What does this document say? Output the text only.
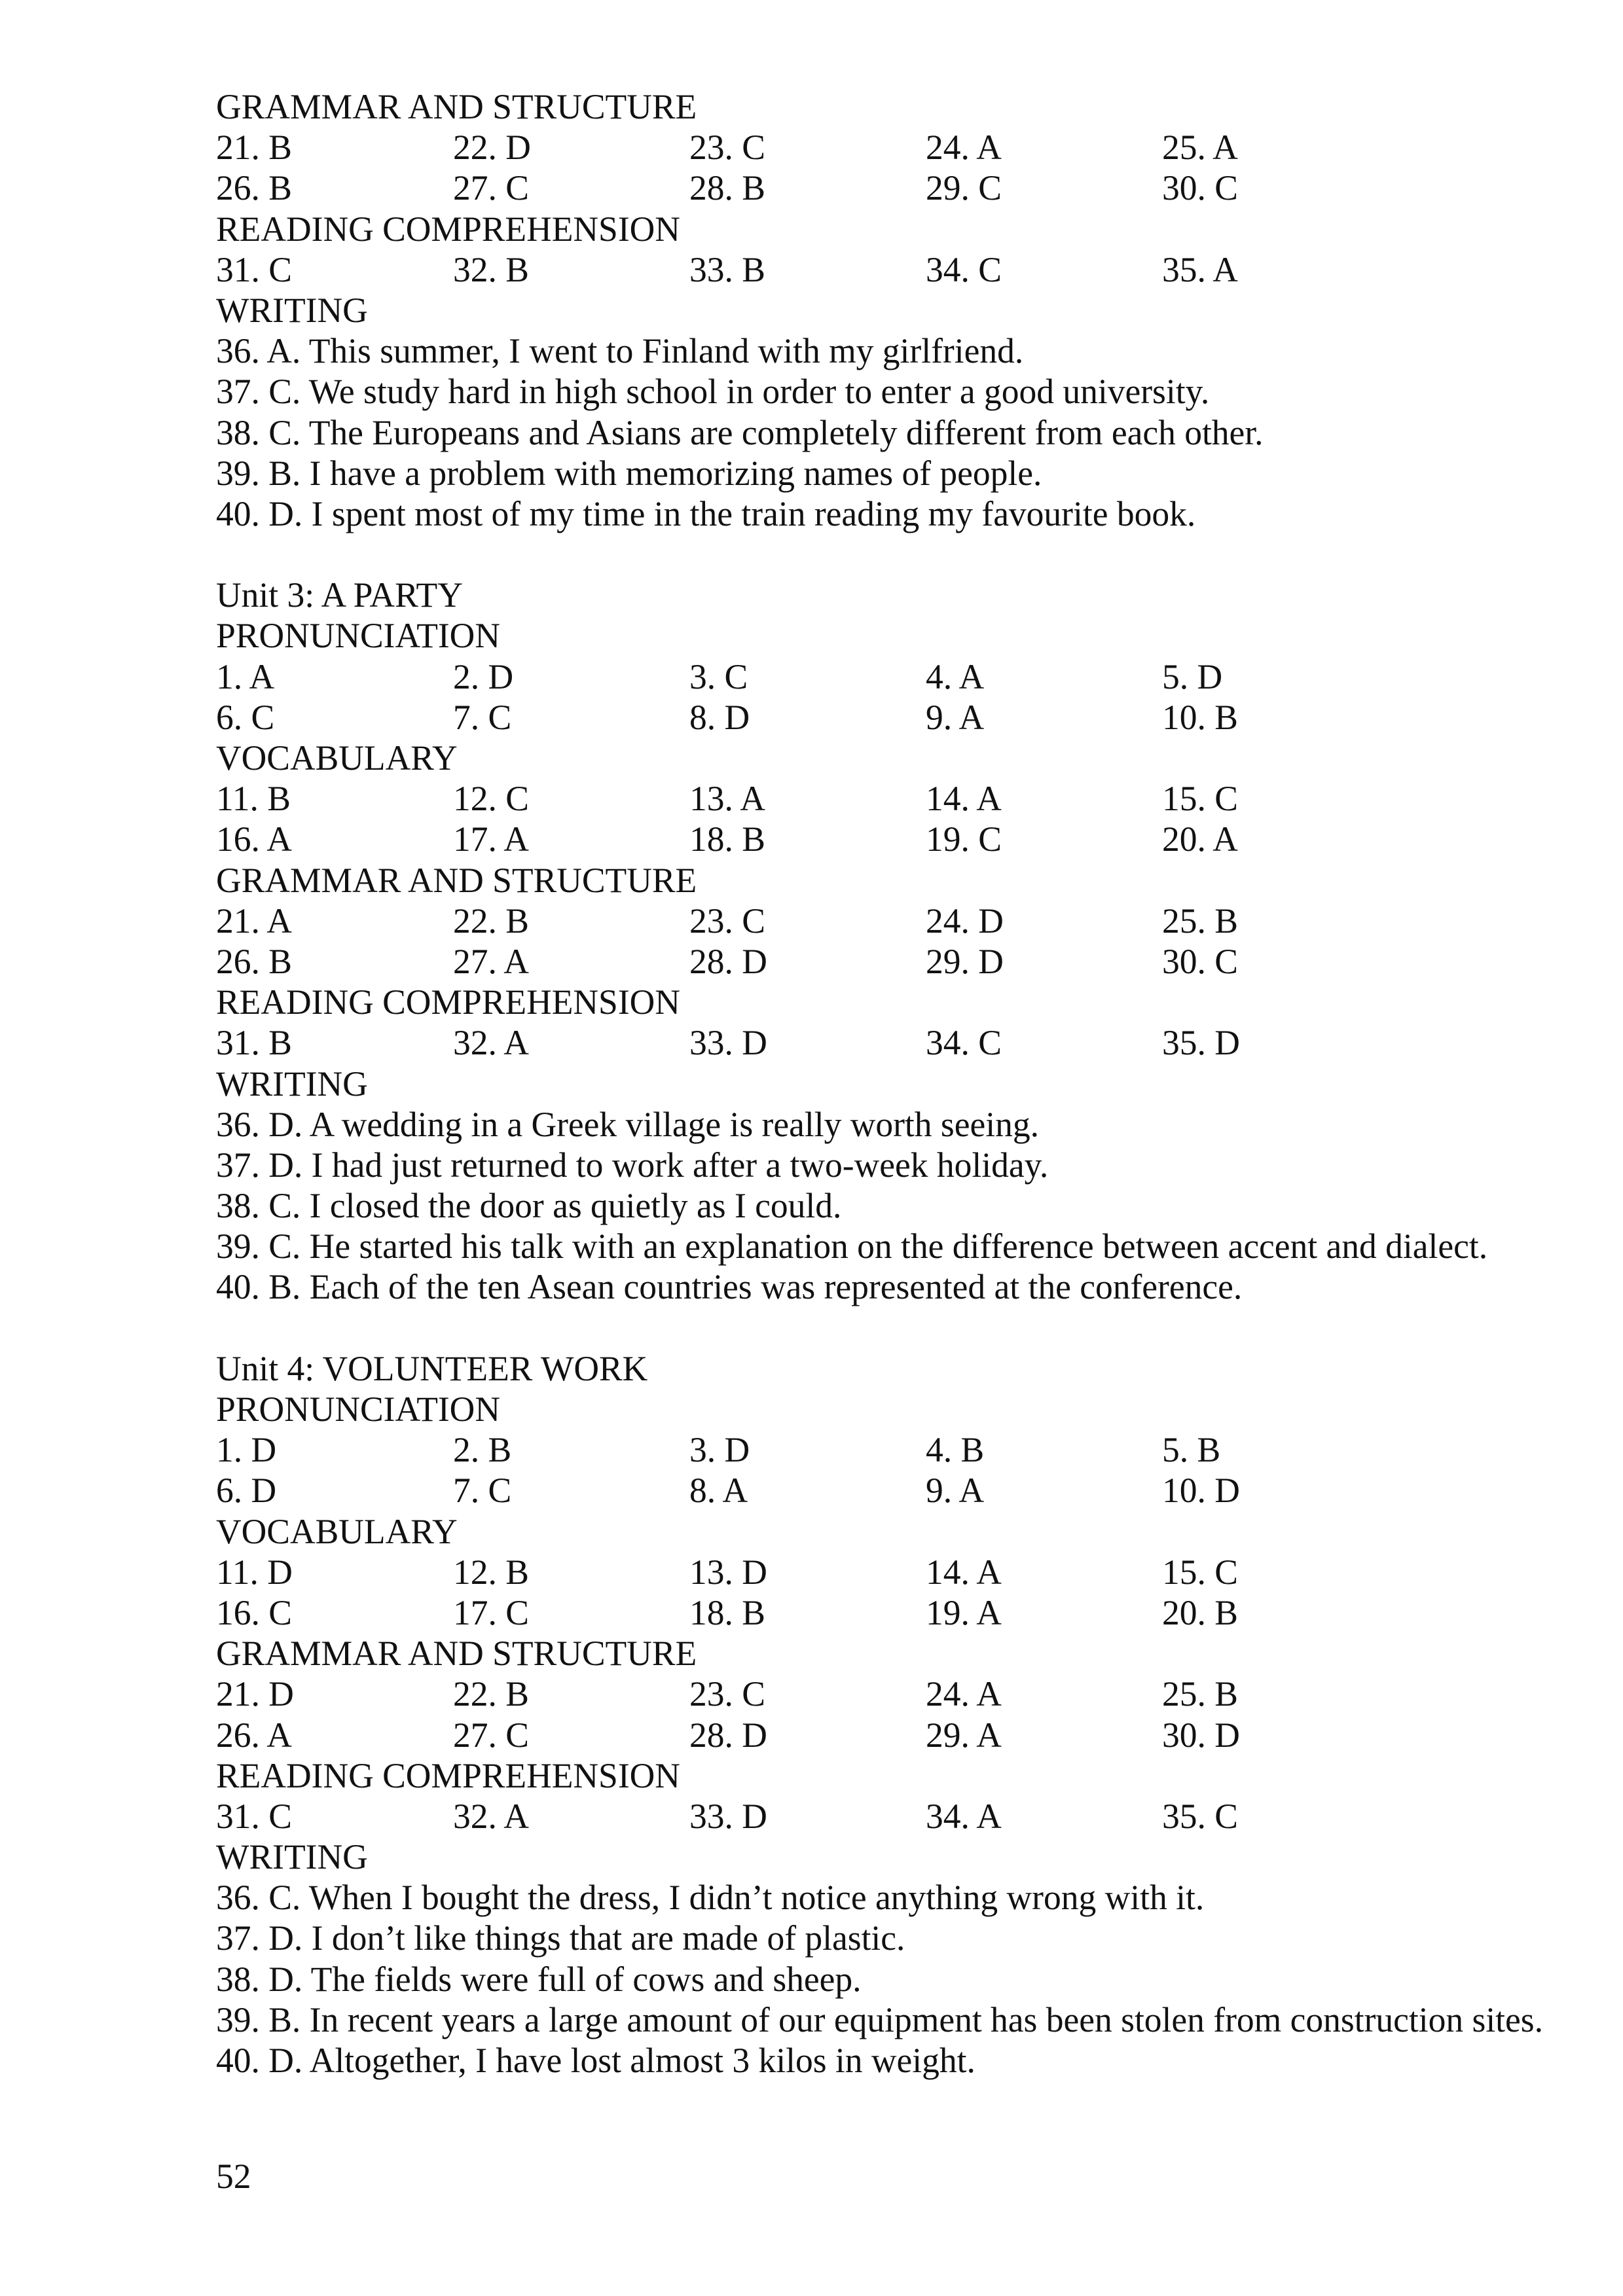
GRAMMAR AND STRUCTURE
21. B	22. D	23. C	24. A	25. A
26. B	27. C	28. B	29. C	30. C
READING COMPREHENSION
31. C	32. B	33. B	34. C	35. A
WRITING
36. A. This summer, I went to Finland with my girlfriend.
37. C. We study hard in high school in order to enter a good university.
38. C. The Europeans and Asians are completely different from each other.
39. B. I have a problem with memorizing names of people.
40. D. I spent most of my time in the train reading my favourite book.
Unit 3: A PARTY
PRONUNCIATION
1. A	2. D	3. C	4. A	5. D
6. C	7. C	8. D	9. A	10. B
VOCABULARY
11. B	12. C	13. A	14. A	15. C
16. A	17. A	18. B	19. C	20. A
GRAMMAR AND STRUCTURE
21. A	22. B	23. C	24. D	25. B
26. B	27. A	28. D	29. D	30. C
READING COMPREHENSION
31. B	32. A	33. D	34. C	35. D
WRITING
36. D. A wedding in a Greek village is really worth seeing.
37. D. I had just returned to work after a two-week holiday.
38. C. I closed the door as quietly as I could.
39. C. He started his talk with an explanation on the difference between accent and dialect.
40. B. Each of the ten Asean countries was represented at the conference.
Unit 4: VOLUNTEER WORK
PRONUNCIATION
1. D	2. B	3. D	4. B	5. B
6. D	7. C	8. A	9. A	10. D
VOCABULARY
11. D	12. B	13. D	14. A	15. C
16. C	17. C	18. B	19. A	20. B
GRAMMAR AND STRUCTURE
21. D	22. B	23. C	24. A	25. B
26. A	27. C	28. D	29. A	30. D
READING COMPREHENSION
31. C	32. A	33. D	34. A	35. C
WRITING
36. C. When I bought the dress, I didn’t notice anything wrong with it.
37. D. I don’t like things that are made of plastic.
38. D. The fields were full of cows and sheep.
39. B. In recent years a large amount of our equipment has been stolen from construction sites.
40. D. Altogether, I have lost almost 3 kilos in weight.
52
